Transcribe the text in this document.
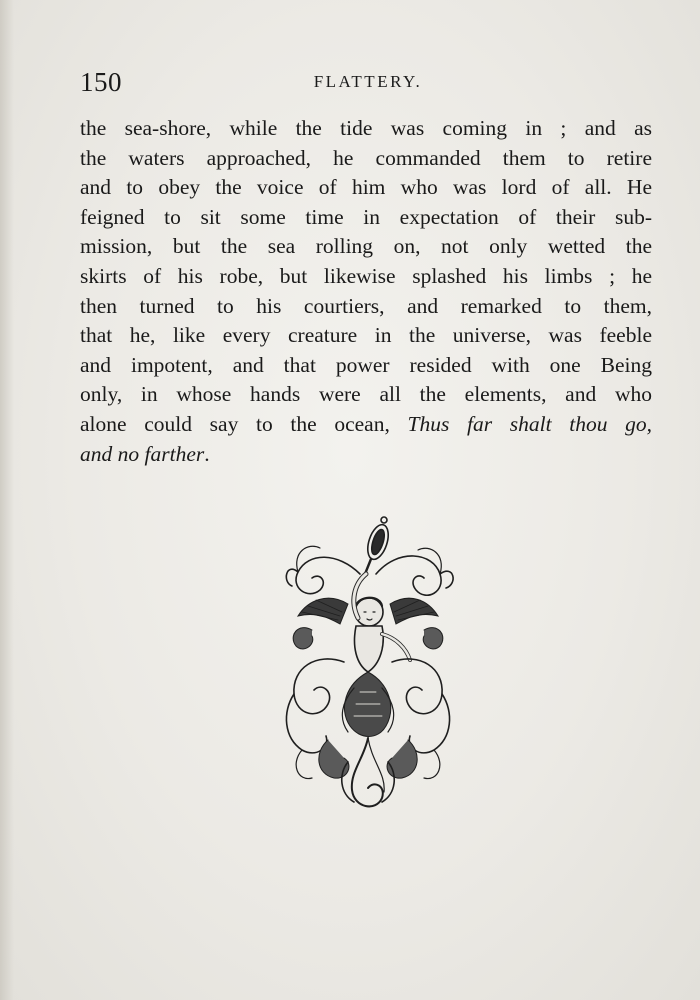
150	FLATTERY.
the sea-shore, while the tide was coming in ; and as
the waters approached, he commanded them to retire
and to obey the voice of him who was lord of all. He
feigned to sit some time in expectation of their sub-
mission, but the sea rolling on, not only wetted the
skirts of his robe, but likewise splashed his limbs ; he
then turned to his courtiers, and remarked to them,
that he, like every creature in the universe, was feeble
and impotent, and that power resided with one Being
only, in whose hands were all the elements, and who
alone could say to the ocean, Thus far shalt thou go,
and no farther.
